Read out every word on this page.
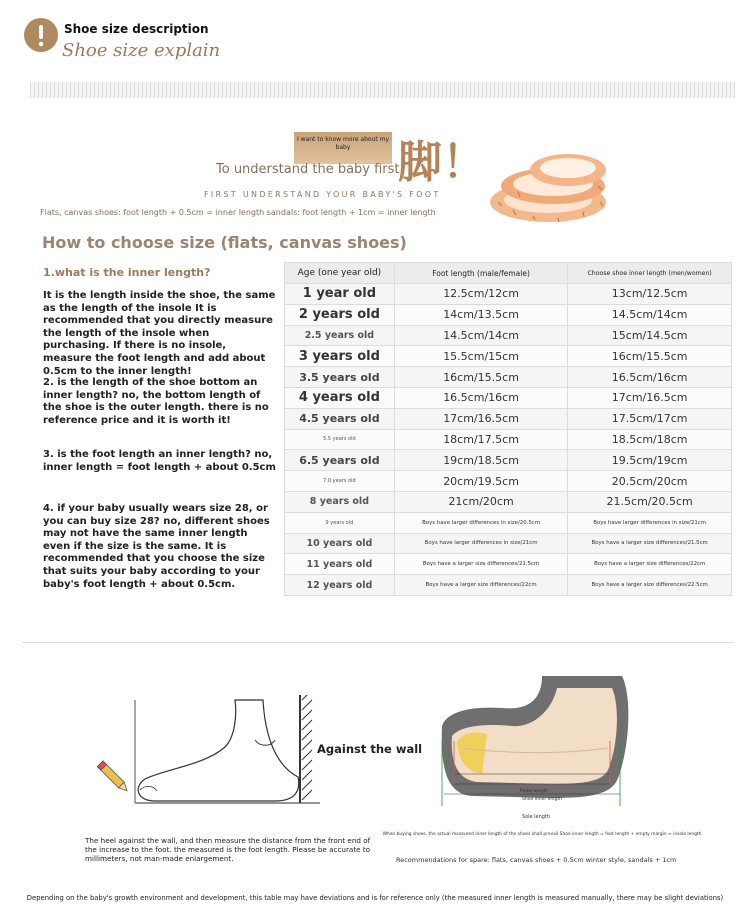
Shoe size description
Shoe size explain
I want to know more about my baby
To understand the baby first
脚！
FIRST UNDERSTAND YOUR BABY'S FOOT
Flats, canvas shoes: foot length + 0.5cm = inner length sandals: foot length + 1cm = inner length
How to choose size (flats, canvas shoes)
1.what is the inner length?
It is the length inside the shoe, the same as the length of the insole It is recommended that you directly measure the length of the insole when purchasing. If there is no insole, measure the foot length and add about 0.5cm to the inner length!
2. is the length of the shoe bottom an inner length? no, the bottom length of the shoe is the outer length. there is no reference price and it is worth it!
3. is the foot length an inner length? no, inner length = foot length + about 0.5cm
4. if your baby usually wears size 28, or you can buy size 28? no, different shoes may not have the same inner length even if the size is the same. It is recommended that you choose the size that suits your baby according to your baby's foot length + about 0.5cm.
Age (one year old)	Foot length (male/female)	Choose shoe inner length (men/women)
1 year old	12.5cm/12cm	13cm/12.5cm
2 years old	14cm/13.5cm	14.5cm/14cm
2.5 years old	14.5cm/14cm	15cm/14.5cm
3 years old	15.5cm/15cm	16cm/15.5cm
3.5 years old	16cm/15.5cm	16.5cm/16cm
4 years old	16.5cm/16cm	17cm/16.5cm
4.5 years old	17cm/16.5cm	17.5cm/17cm
5.5 years old	18cm/17.5cm	18.5cm/18cm
6.5 years old	19cm/18.5cm	19.5cm/19cm
7.0 years old	20cm/19.5cm	20.5cm/20cm
8 years old	21cm/20cm	21.5cm/20.5cm
9 years old	Boys have larger differences in size/20.5cm	Boys have larger differences in size/21cm
10 years old	Boys have larger differences in size/21cm	Boys have a larger size differences/21.5cm
11 years old	Boys have a larger size differences/21.5cm	Boys have a larger size differences/22cm
12 years old	Boys have a larger size differences/22cm	Boys have a larger size differences/22.5cm
Against the wall
Pedal length
Shoe inner length
Sole length
The heel against the wall, and then measure the distance from the front end of the increase to the foot. the measured is the foot length. Please be accurate to millimeters, not man-made enlargement.
When buying shoes, the actual measured inner length of the shoes shall prevail Shoe inner length = foot length + empty margin ≈ insole length
Recommendations for spare: flats, canvas shoes + 0.5cm winter style, sandals + 1cm
Depending on the baby's growth environment and development, this table may have deviations and is for reference only (the measured inner length is measured manually, there may be slight deviations)
